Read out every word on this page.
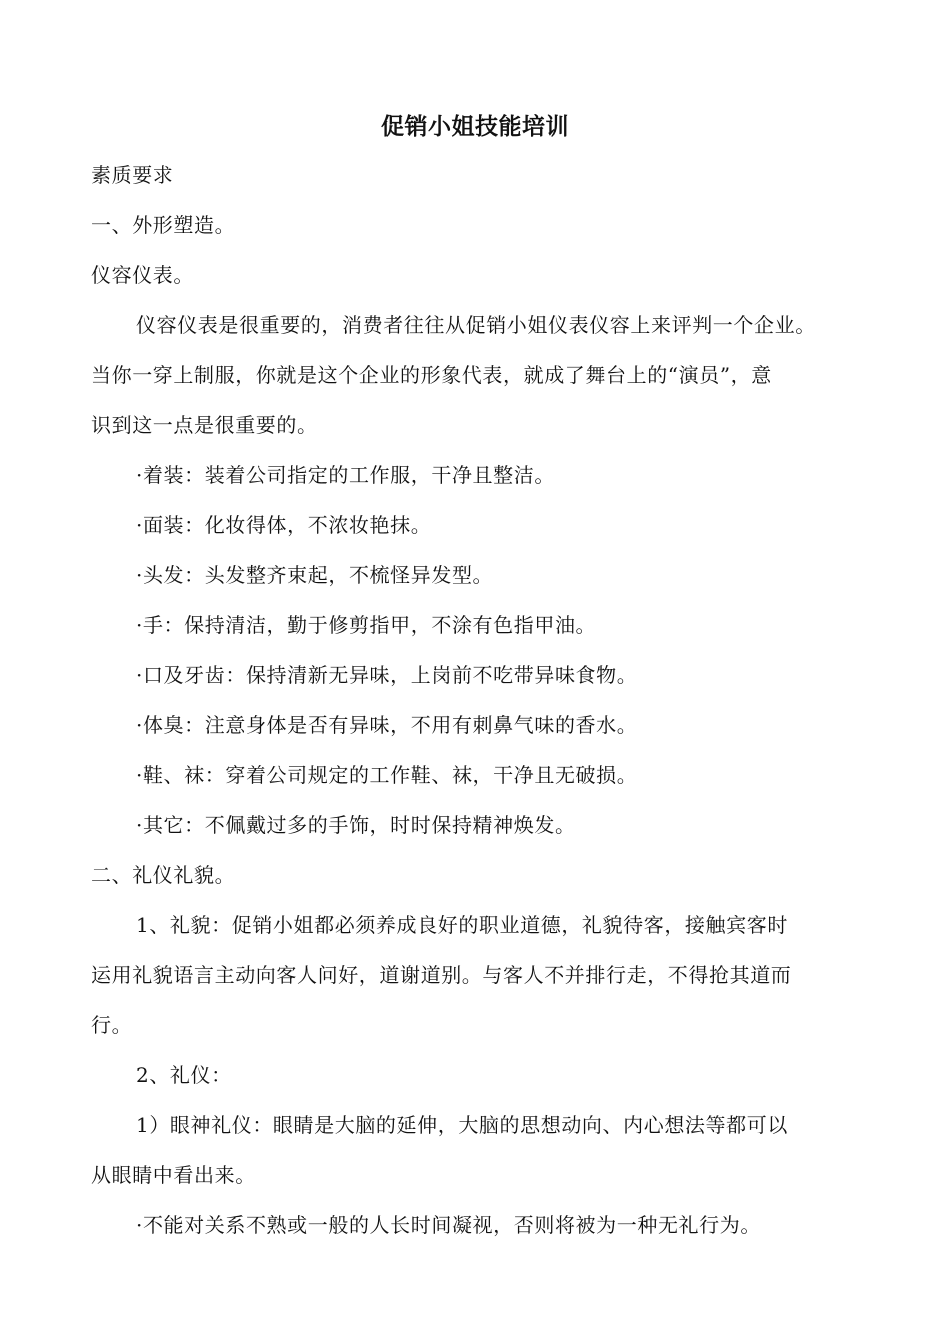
促销小姐技能培训
素质要求
一、外形塑造。
仪容仪表。
仪容仪表是很重要的，消费者往往从促销小姐仪表仪容上来评判一个企业。
当你一穿上制服，你就是这个企业的形象代表，就成了舞台上的“演员”，意
识到这一点是很重要的。
·着装：装着公司指定的工作服，干净且整洁。
·面装：化妆得体，不浓妆艳抹。
·头发：头发整齐束起，不梳怪异发型。
·手：保持清洁，勤于修剪指甲，不涂有色指甲油。
·口及牙齿：保持清新无异味，上岗前不吃带异味食物。
·体臭：注意身体是否有异味，不用有刺鼻气味的香水。
·鞋、袜：穿着公司规定的工作鞋、袜，干净且无破损。
·其它：不佩戴过多的手饰，时时保持精神焕发。
二、礼仪礼貌。
1、礼貌：促销小姐都必须养成良好的职业道德，礼貌待客，接触宾客时
运用礼貌语言主动向客人问好，道谢道别。与客人不并排行走，不得抢其道而
行。
2、礼仪：
1）眼神礼仪：眼睛是大脑的延伸，大脑的思想动向、内心想法等都可以
从眼睛中看出来。
·不能对关系不熟或一般的人长时间凝视，否则将被为一种无礼行为。
